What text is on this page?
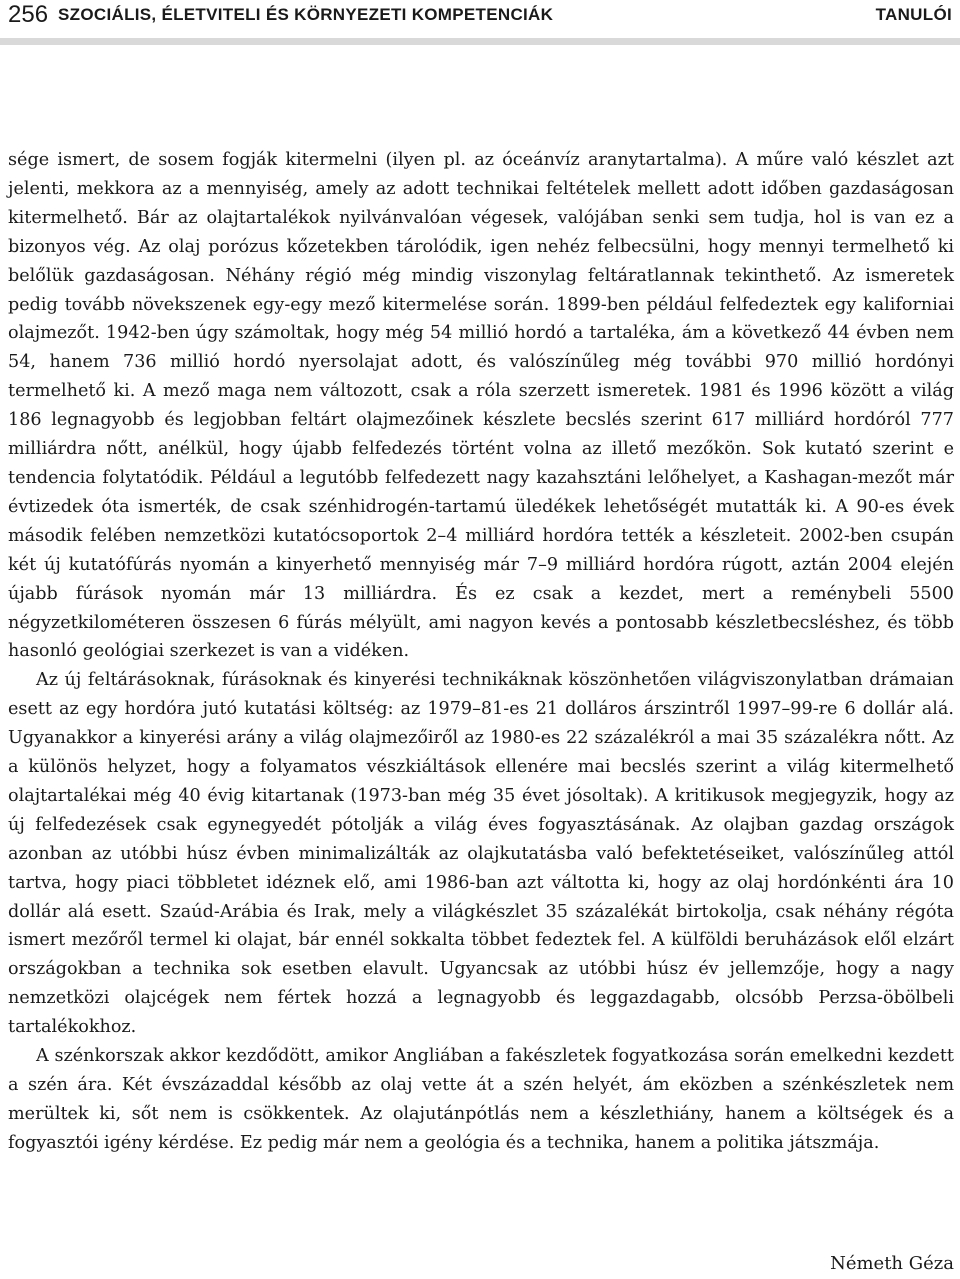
256 SZOCIÁLIS, ÉLETVITELI ÉS KÖRNYEZETI KOMPETENCIÁK	TANULÓI

sége ismert, de sosem fogják kitermelni (ilyen pl. az óceánvíz aranytartalma). A műre való készlet azt jelenti, mekkora az a mennyiség, amely az adott technikai feltételek mellett adott időben gazdaságosan kitermelhető. Bár az olajtartalékok nyilvánvalóan végesek, valójában senki sem tudja, hol is van ez a bizonyos vég. Az olaj porózus kőzetekben tárolódik, igen nehéz felbecsülni, hogy mennyi termelhető ki belőlük gazdaságosan. Néhány régió még mindig viszonylag feltáratlannak tekinthető. Az ismeretek pedig tovább növekszenek egy-egy mező kitermelése során. 1899-ben például felfedeztek egy kaliforniai olajmezőt. 1942-ben úgy számoltak, hogy még 54 millió hordó a tartaléka, ám a következő 44 évben nem 54, hanem 736 millió hordó nyersolajat adott, és valószínűleg még további 970 millió hordónyi termelhető ki. A mező maga nem változott, csak a róla szerzett ismeretek. 1981 és 1996 között a világ 186 legnagyobb és legjobban feltárt olajmezőinek készlete becslés szerint 617 milliárd hordóról 777 milliárdra nőtt, anélkül, hogy újabb felfedezés történt volna az illető mezőkön. Sok kutató szerint e tendencia folytatódik. Például a legutóbb felfedezett nagy kazahsztáni lelőhelyet, a Kashagan-mezőt már évtizedek óta ismerték, de csak szénhidrogén-tartamú üledékek lehetőségét mutatták ki. A 90-es évek második felében nemzetközi kutatócsoportok 2–4 milliárd hordóra tették a készleteit. 2002-ben csupán két új kutatófúrás nyomán a kinyerhető mennyiség már 7–9 milliárd hordóra rúgott, aztán 2004 elején újabb fúrások nyomán már 13 milliárdra. És ez csak a kezdet, mert a reménybeli 5500 négyzetkilométeren összesen 6 fúrás mélyült, ami nagyon kevés a pontosabb készletbecsléshez, és több hasonló geológiai szerkezet is van a vidéken.

Az új feltárásoknak, fúrásoknak és kinyerési technikáknak köszönhetően világviszonylatban drámaian esett az egy hordóra jutó kutatási költség: az 1979–81-es 21 dolláros árszintről 1997–99-re 6 dollár alá. Ugyanakkor a kinyerési arány a világ olajmezőiről az 1980-es 22 százalékról a mai 35 százalékra nőtt. Az a különös helyzet, hogy a folyamatos vészkiáltások ellenére mai becslés szerint a világ kitermelhető olajtartalékai még 40 évig kitartanak (1973-ban még 35 évet jósoltak). A kritikusok megjegyzik, hogy az új felfedezések csak egynegyedét pótolják a világ éves fogyasztásának. Az olajban gazdag országok azonban az utóbbi húsz évben minimalizálták az olajkutatásba való befektetéseiket, valószínűleg attól tartva, hogy piaci többletet idéznek elő, ami 1986-ban azt váltotta ki, hogy az olaj hordónkénti ára 10 dollár alá esett. Szaúd-Arábia és Irak, mely a világkészlet 35 százalékát birtokolja, csak néhány régóta ismert mezőről termel ki olajat, bár ennél sokkalta többet fedeztek fel. A külföldi beruházások elől elzárt országokban a technika sok esetben elavult. Ugyancsak az utóbbi húsz év jellemzője, hogy a nagy nemzetközi olajcégek nem fértek hozzá a legnagyobb és leggazdagabb, olcsóbb Perzsa-öbölbeli tartalékokhoz.

A szénkorszak akkor kezdődött, amikor Angliában a fakészletek fogyatkozása során emelkedni kezdett a szén ára. Két évszázaddal később az olaj vette át a szén helyét, ám eközben a szénkészletek nem merültek ki, sőt nem is csökkentek. Az olajutánpótlás nem a készlethiány, hanem a költségek és a fogyasztói igény kérdése. Ez pedig már nem a geológia és a technika, hanem a politika játszmája.

Németh Géza
